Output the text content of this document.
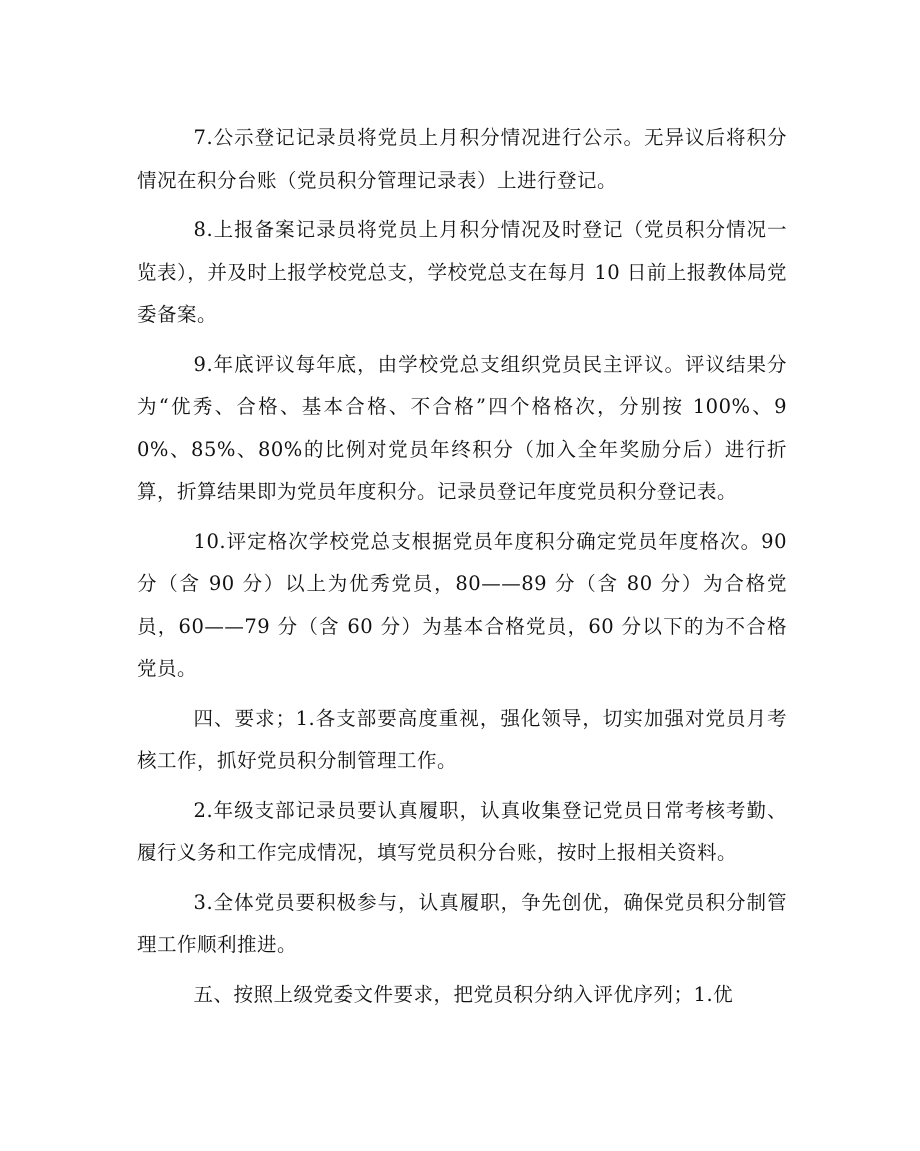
7.公示登记记录员将党员上月积分情况进行公示。无异议后将积分情况在积分台账（党员积分管理记录表）上进行登记。

8.上报备案记录员将党员上月积分情况及时登记（党员积分情况一览表），并及时上报学校党总支，学校党总支在每月 10 日前上报教体局党委备案。

9.年底评议每年底，由学校党总支组织党员民主评议。评议结果分为“优秀、合格、基本合格、不合格”四个格格次，分别按 100%、90%、85%、80%的比例对党员年终积分（加入全年奖励分后）进行折算，折算结果即为党员年度积分。记录员登记年度党员积分登记表。

10.评定格次学校党总支根据党员年度积分确定党员年度格次。90 分（含 90 分）以上为优秀党员，80——89 分（含 80 分）为合格党员，60——79 分（含 60 分）为基本合格党员，60 分以下的为不合格党员。

四、要求；1.各支部要高度重视，强化领导，切实加强对党员月考核工作，抓好党员积分制管理工作。

2.年级支部记录员要认真履职，认真收集登记党员日常考核考勤、履行义务和工作完成情况，填写党员积分台账，按时上报相关资料。

3.全体党员要积极参与，认真履职，争先创优，确保党员积分制管理工作顺利推进。

五、按照上级党委文件要求，把党员积分纳入评优序列；1.优
